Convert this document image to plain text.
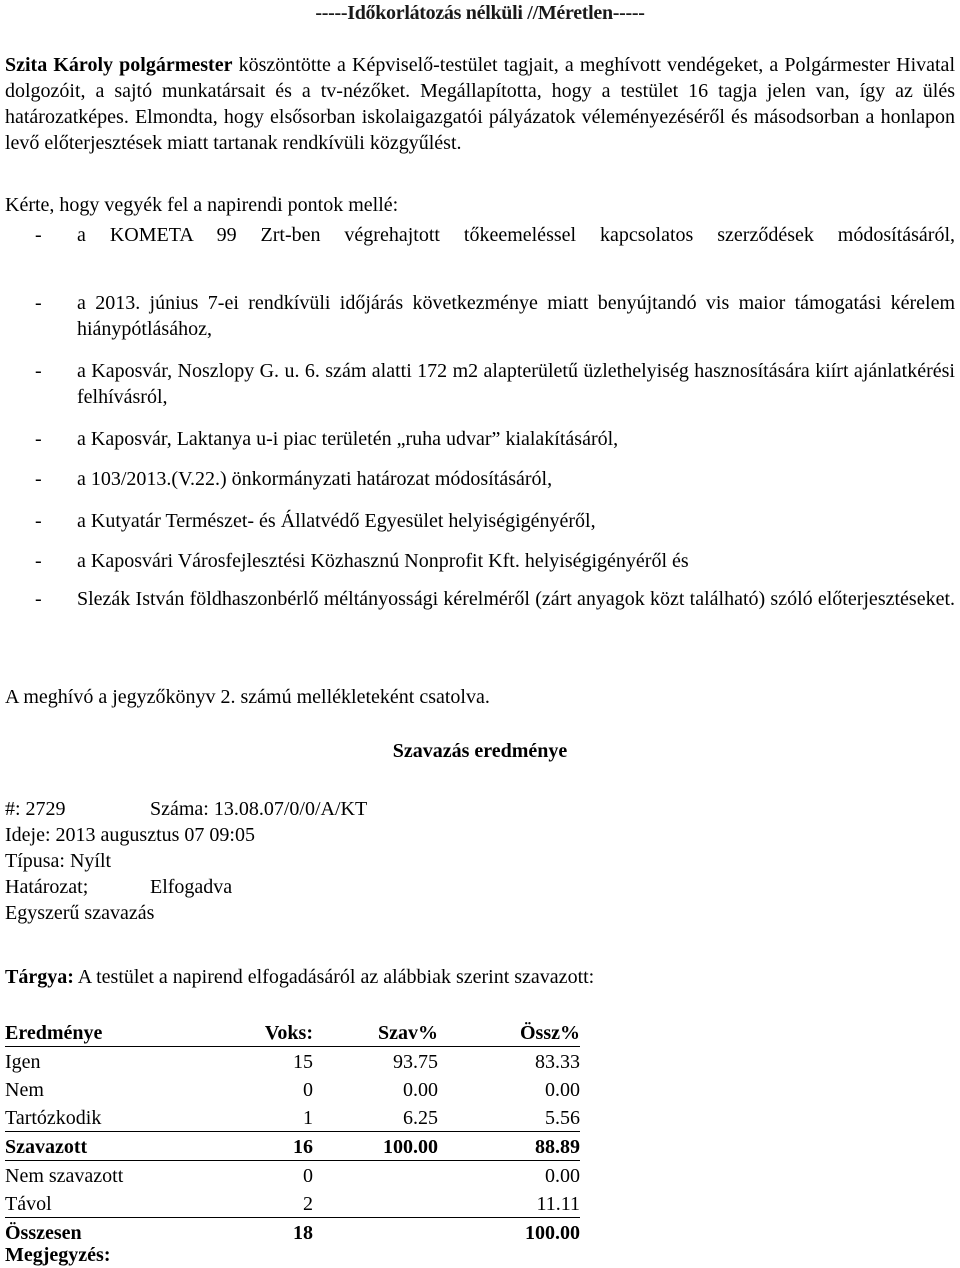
-----Időkorlátozás nélküli //Méretlen-----
Szita Károly polgármester köszöntötte a Képviselő-testület tagjait, a meghívott vendégeket, a Polgármester Hivatal dolgozóit, a sajtó munkatársait és a tv-nézőket. Megállapította, hogy a testület 16 tagja jelen van, így az ülés határozatképes. Elmondta, hogy elsősorban iskolaigazgatói pályázatok véleményezéséről és másodsorban a honlapon levő előterjesztések miatt tartanak rendkívüli közgyűlést.
Kérte, hogy vegyék fel a napirendi pontok mellé:
- a KOMETA 99 Zrt-ben végrehajtott tőkeemeléssel kapcsolatos szerződések módosításáról,
- a 2013. június 7-ei rendkívüli időjárás következménye miatt benyújtandó vis maior támogatási kérelem hiánypótlásához,
- a Kaposvár, Noszlopy G. u. 6. szám alatti 172 m2 alapterületű üzlethelyiség hasznosítására kiírt ajánlatkérési felhívásról,
- a Kaposvár, Laktanya u-i piac területén „ruha udvar” kialakításáról,
- a 103/2013.(V.22.) önkormányzati határozat módosításáról,
- a Kutyatár Természet- és Állatvédő Egyesület helyiségigényéről,
- a Kaposvári Városfejlesztési Közhasznú Nonprofit Kft. helyiségigényéről és
- Slezák István földhaszonbérlő méltányossági kérelméről (zárt anyagok közt található) szóló előterjesztéseket.
A meghívó a jegyzőkönyv 2. számú mellékleteként csatolva.
Szavazás eredménye
#: 2729	Száma: 13.08.07/0/0/A/KT
Ideje: 2013 augusztus 07 09:05
Típusa: Nyílt
Határozat;	Elfogadva
Egyszerű szavazás
Tárgya: A testület a napirend elfogadásáról az alábbiak szerint szavazott:
Eredménye	Voks:	Szav%	Össz%
Igen	15	93.75	83.33
Nem	0	0.00	0.00
Tartózkodik	1	6.25	5.56
Szavazott	16	100.00	88.89
Nem szavazott	0		0.00
Távol	2		11.11
Összesen	18		100.00
Megjegyzés:
